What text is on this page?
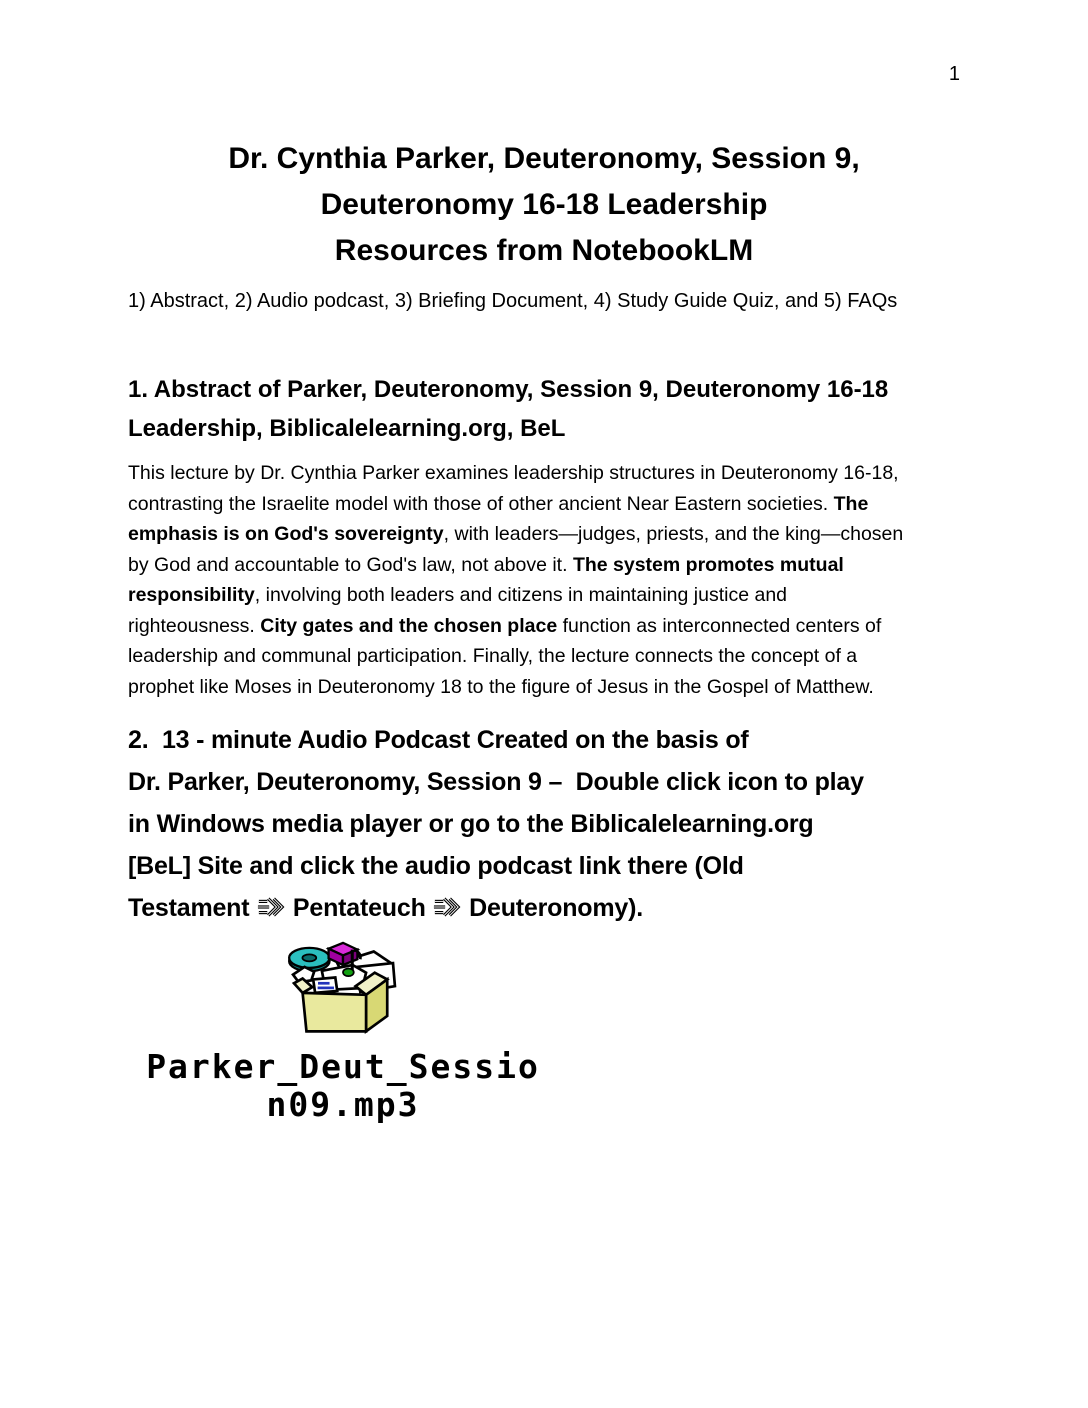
1
Dr. Cynthia Parker, Deuteronomy, Session 9,
Deuteronomy 16-18 Leadership
Resources from NotebookLM
1) Abstract, 2) Audio podcast, 3) Briefing Document, 4) Study Guide Quiz, and 5) FAQs
1. Abstract of Parker, Deuteronomy, Session 9, Deuteronomy 16-18
Leadership, Biblicalelearning.org, BeL
This lecture by Dr. Cynthia Parker examines leadership structures in Deuteronomy 16-18,
contrasting the Israelite model with those of other ancient Near Eastern societies. The
emphasis is on God's sovereignty, with leaders—judges, priests, and the king—chosen
by God and accountable to God's law, not above it. The system promotes mutual
responsibility, involving both leaders and citizens in maintaining justice and
righteousness. City gates and the chosen place function as interconnected centers of
leadership and communal participation. Finally, the lecture connects the concept of a
prophet like Moses in Deuteronomy 18 to the figure of Jesus in the Gospel of Matthew.
2.  13 - minute Audio Podcast Created on the basis of
Dr. Parker, Deuteronomy, Session 9 –  Double click icon to play
in Windows media player or go to the Biblicalelearning.org
[BeL] Site and click the audio podcast link there (Old
Testament
Pentateuch
Deuteronomy).
Parker_Deut_Sessio
n09.mp3
